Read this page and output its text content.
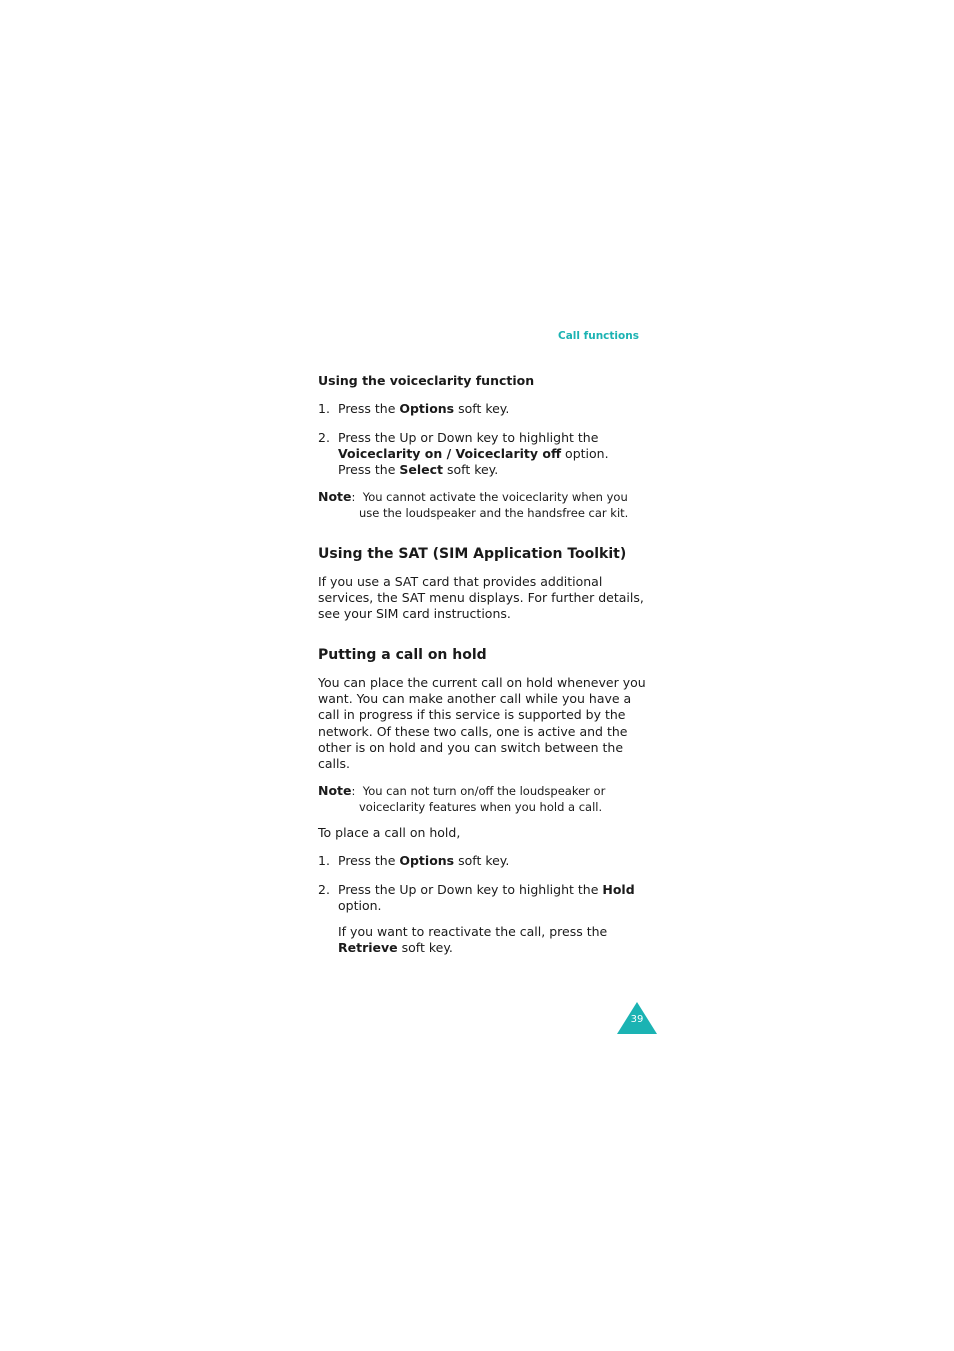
Call functions
Using the voiceclarity function
1. Press the Options soft key.
2. Press the Up or Down key to highlight the
Voiceclarity on / Voiceclarity off option.
Press the Select soft key.
Note: You cannot activate the voiceclarity when you
use the loudspeaker and the handsfree car kit.
Using the SAT (SIM Application Toolkit)
If you use a SAT card that provides additional
services, the SAT menu displays. For further details,
see your SIM card instructions.
Putting a call on hold
You can place the current call on hold whenever you
want. You can make another call while you have a
call in progress if this service is supported by the
network. Of these two calls, one is active and the
other is on hold and you can switch between the
calls.
Note: You can not turn on/off the loudspeaker or
voiceclarity features when you hold a call.
To place a call on hold,
1. Press the Options soft key.
2. Press the Up or Down key to highlight the Hold
option.
If you want to reactivate the call, press the
Retrieve soft key.
39
